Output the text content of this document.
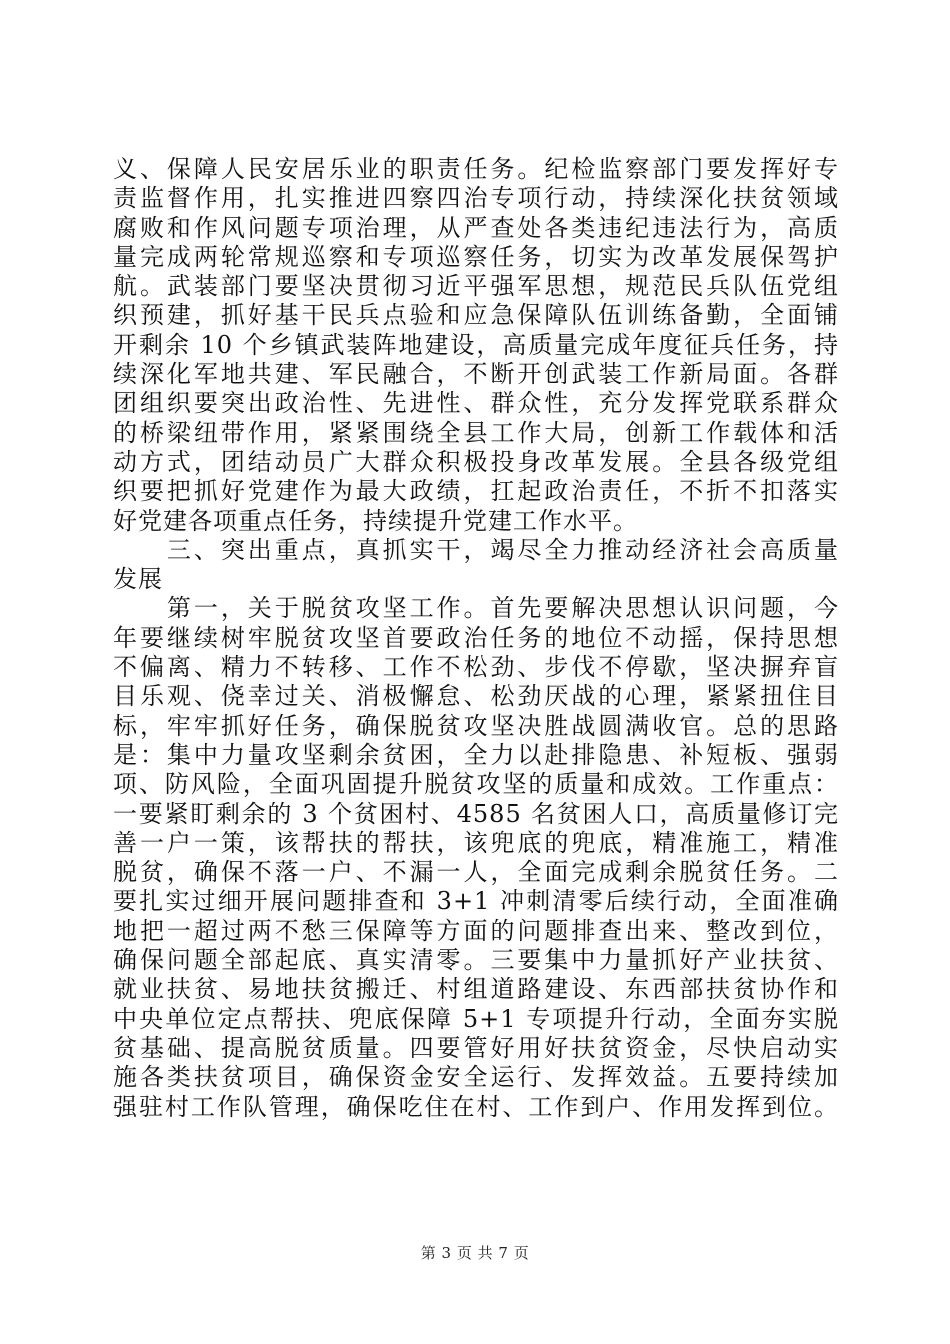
义、保障人民安居乐业的职责任务。纪检监察部门要发挥好专
责监督作用，扎实推进四察四治专项行动，持续深化扶贫领域
腐败和作风问题专项治理，从严查处各类违纪违法行为，高质
量完成两轮常规巡察和专项巡察任务，切实为改革发展保驾护
航。武装部门要坚决贯彻习近平强军思想，规范民兵队伍党组
织预建，抓好基干民兵点验和应急保障队伍训练备勤，全面铺
开剩余 10 个乡镇武装阵地建设，高质量完成年度征兵任务，持
续深化军地共建、军民融合，不断开创武装工作新局面。各群
团组织要突出政治性、先进性、群众性，充分发挥党联系群众
的桥梁纽带作用，紧紧围绕全县工作大局，创新工作载体和活
动方式，团结动员广大群众积极投身改革发展。全县各级党组
织要把抓好党建作为最大政绩，扛起政治责任，不折不扣落实
好党建各项重点任务，持续提升党建工作水平。
　　三、突出重点，真抓实干，竭尽全力推动经济社会高质量
发展
　　第一，关于脱贫攻坚工作。首先要解决思想认识问题，今
年要继续树牢脱贫攻坚首要政治任务的地位不动摇，保持思想
不偏离、精力不转移、工作不松劲、步伐不停歇，坚决摒弃盲
目乐观、侥幸过关、消极懈怠、松劲厌战的心理，紧紧扭住目
标，牢牢抓好任务，确保脱贫攻坚决胜战圆满收官。总的思路
是：集中力量攻坚剩余贫困，全力以赴排隐患、补短板、强弱
项、防风险，全面巩固提升脱贫攻坚的质量和成效。工作重点：
一要紧盯剩余的 3 个贫困村、4585 名贫困人口，高质量修订完
善一户一策，该帮扶的帮扶，该兜底的兜底，精准施工，精准
脱贫，确保不落一户、不漏一人，全面完成剩余脱贫任务。二
要扎实过细开展问题排查和 3+1 冲刺清零后续行动，全面准确
地把一超过两不愁三保障等方面的问题排查出来、整改到位，
确保问题全部起底、真实清零。三要集中力量抓好产业扶贫、
就业扶贫、易地扶贫搬迁、村组道路建设、东西部扶贫协作和
中央单位定点帮扶、兜底保障 5+1 专项提升行动，全面夯实脱
贫基础、提高脱贫质量。四要管好用好扶贫资金，尽快启动实
施各类扶贫项目，确保资金安全运行、发挥效益。五要持续加
强驻村工作队管理，确保吃住在村、工作到户、作用发挥到位。
第 3 页 共 7 页
